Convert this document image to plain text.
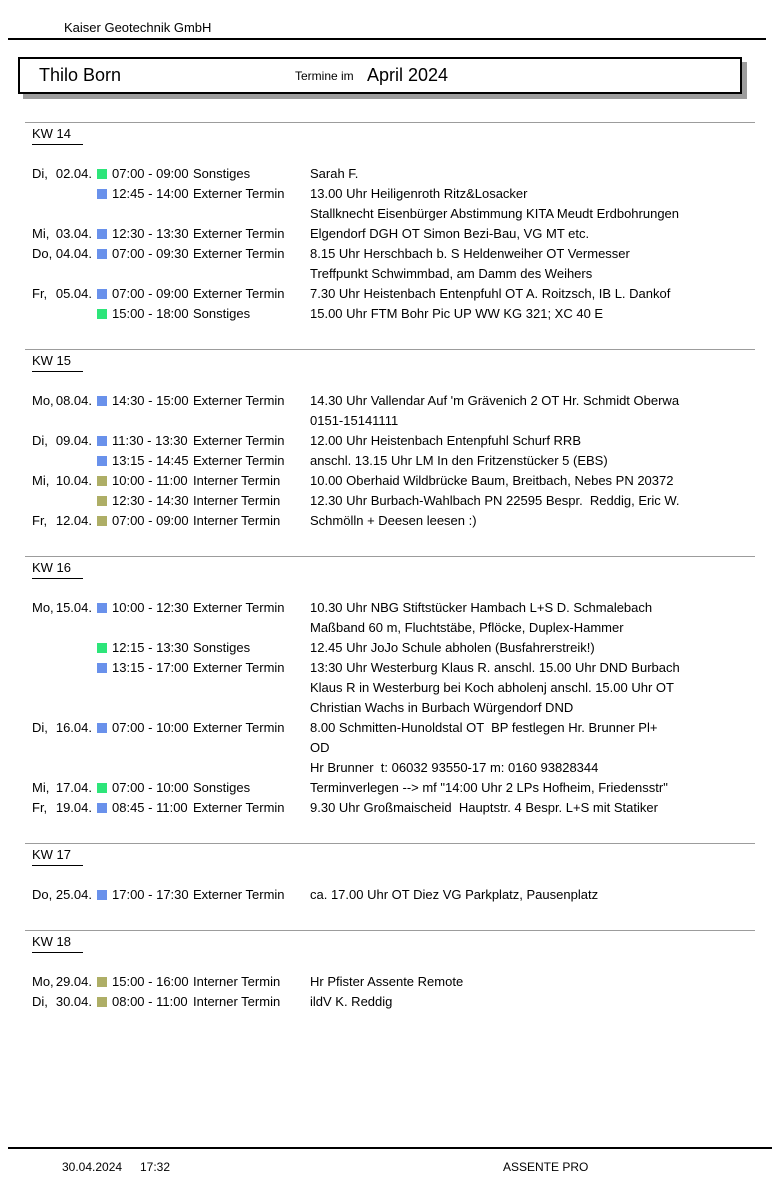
Kaiser Geotechnik GmbH
Thilo Born	Termine im April 2024
KW 14
Di, 02.04. 07:00 - 09:00 Sonstiges	Sarah F.
12:45 - 14:00 Externer Termin	13.00 Uhr Heiligenroth Ritz&Losacker
Stallknecht Eisenbürger Abstimmung KITA Meudt Erdbohrungen
Mi, 03.04. 12:30 - 13:30 Externer Termin	Elgendorf DGH OT Simon Bezi-Bau, VG MT etc.
Do, 04.04. 07:00 - 09:30 Externer Termin	8.15 Uhr Herschbach b. S Heldenweiher OT Vermesser
Treffpunkt Schwimmbad, am Damm des Weihers
Fr, 05.04. 07:00 - 09:00 Externer Termin	7.30 Uhr Heistenbach Entenpfuhl OT A. Roitzsch, IB L. Dankof
15:00 - 18:00 Sonstiges	15.00 Uhr FTM Bohr Pic UP WW KG 321; XC 40 E
KW 15
Mo, 08.04. 14:30 - 15:00 Externer Termin	14.30 Uhr Vallendar Auf 'm Grävenich 2 OT Hr. Schmidt Oberwa
0151-15141111
Di, 09.04. 11:30 - 13:30 Externer Termin	12.00 Uhr Heistenbach Entenpfuhl Schurf RRB
13:15 - 14:45 Externer Termin	anschl. 13.15 Uhr LM In den Fritzenstücker 5 (EBS)
Mi, 10.04. 10:00 - 11:00 Interner Termin	10.00 Oberhaid Wildbrücke Baum, Breitbach, Nebes PN 20372
12:30 - 14:30 Interner Termin	12.30 Uhr Burbach-Wahlbach PN 22595 Bespr.  Reddig, Eric W.
Fr, 12.04. 07:00 - 09:00 Interner Termin	Schmölln + Deesen leesen :)
KW 16
Mo, 15.04. 10:00 - 12:30 Externer Termin	10.30 Uhr NBG Stiftstücker Hambach L+S D. Schmalebach
Maßband 60 m, Fluchtstäbe, Pflöcke, Duplex-Hammer
12:15 - 13:30 Sonstiges	12.45 Uhr JoJo Schule abholen (Busfahrerstreik!)
13:15 - 17:00 Externer Termin	13:30 Uhr Westerburg Klaus R. anschl. 15.00 Uhr DND Burbach
Klaus R in Westerburg bei Koch abholenj anschl. 15.00 Uhr OT
Christian Wachs in Burbach Würgendorf DND
Di, 16.04. 07:00 - 10:00 Externer Termin	8.00 Schmitten-Hunoldstal OT  BP festlegen Hr. Brunner Pl+
OD
Hr Brunner  t: 06032 93550-17 m: 0160 93828344
Mi, 17.04. 07:00 - 10:00 Sonstiges	Terminverlegen --> mf "14:00 Uhr 2 LPs Hofheim, Friedensstr"
Fr, 19.04. 08:45 - 11:00 Externer Termin	9.30 Uhr Großmaischeid  Hauptstr. 4 Bespr. L+S mit Statiker
KW 17
Do, 25.04. 17:00 - 17:30 Externer Termin	ca. 17.00 Uhr OT Diez VG Parkplatz, Pausenplatz
KW 18
Mo, 29.04. 15:00 - 16:00 Interner Termin	Hr Pfister Assente Remote
Di, 30.04. 08:00 - 11:00 Interner Termin	ildV K. Reddig
30.04.2024 17:32	ASSENTE PRO
